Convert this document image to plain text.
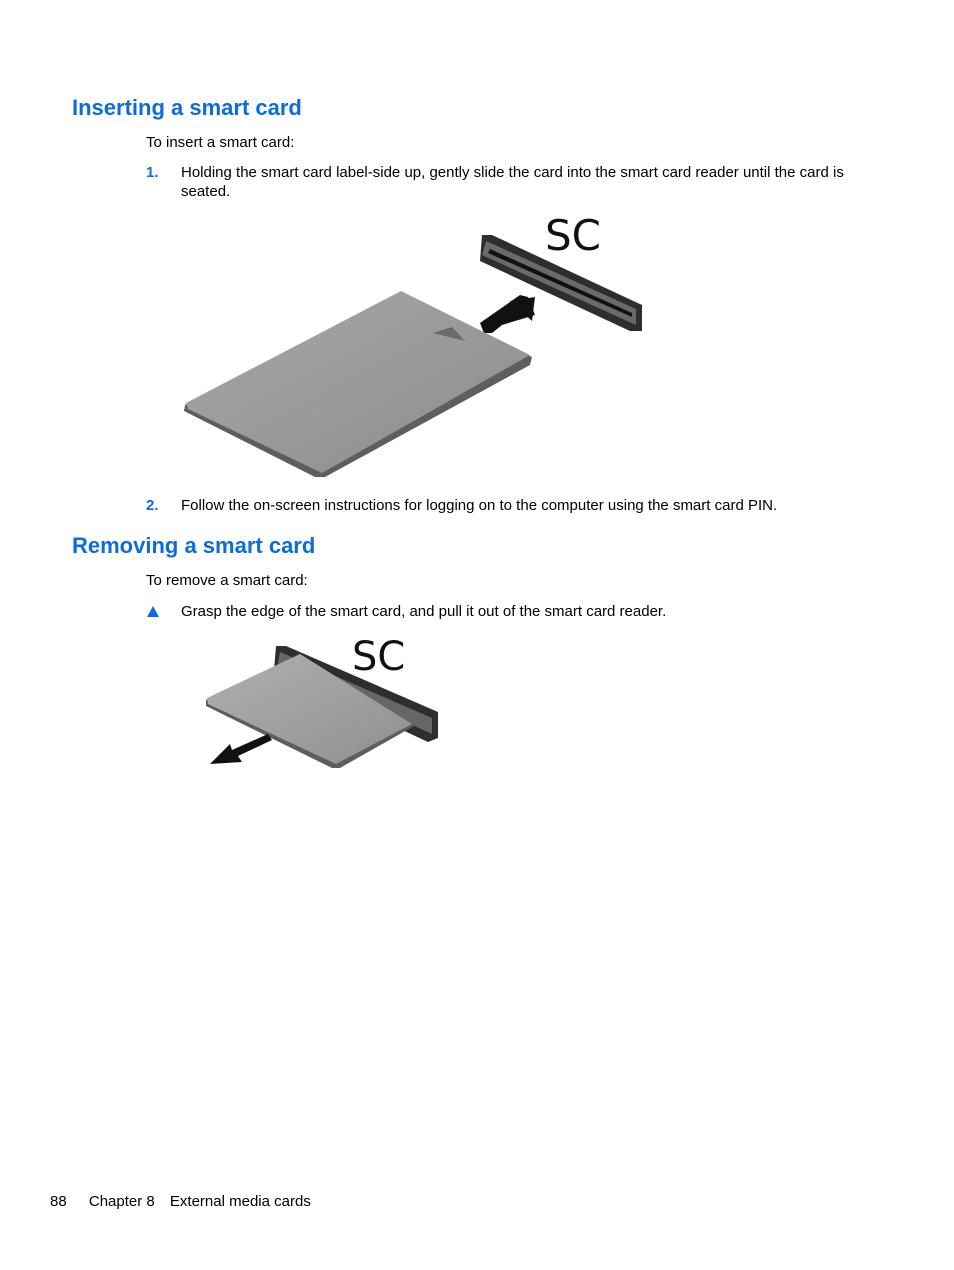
Inserting a smart card

To insert a smart card:

1. Holding the smart card label-side up, gently slide the card into the smart card reader until the card is seated.
SC
2. Follow the on-screen instructions for logging on to the computer using the smart card PIN.
Removing a smart card

To remove a smart card:

Grasp the edge of the smart card, and pull it out of the smart card reader.
SC
88 Chapter 8 External media cards
